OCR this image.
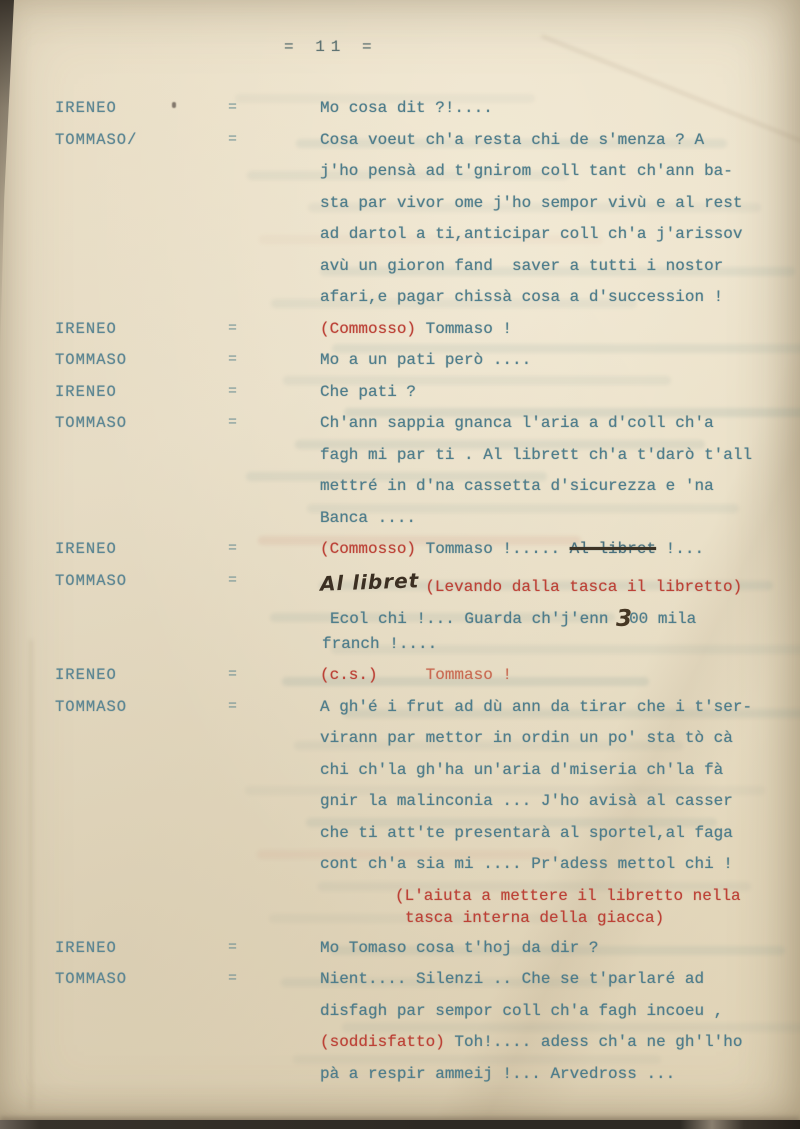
= 11 =
IRENEO	=	Mo cosa dit ?!....
TOMMASO/	=	Cosa voeut ch'a resta chi de s'menza ? A
j'ho pensà ad t'gnirom coll tant ch'ann ba-
sta par vivor ome j'ho sempor vivù e al rest
ad dartol a ti,anticipar coll ch'a j'arissov
avù un gioron fand  saver a tutti i nostor
afari,e pagar chissà cosa a d'succession !
IRENEO	=	(Commosso) Tommaso !
TOMMASO	=	Mo a un pati però ....
IRENEO	=	Che pati ?
TOMMASO	=	Ch'ann sappia gnanca l'aria a d'coll ch'a
fagh mi par ti . Al librett ch'a t'darò t'all
mettré in d'na cassetta d'sicurezza e 'na
Banca ....
IRENEO	=	(Commosso) Tommaso !..... Al libret !...
TOMMASO	=	Al libret (Levando dalla tasca il libretto)
Ecol chi !... Guarda ch'j'enn 300 mila
franch !....
IRENEO	=	(c.s.)     Tommaso !
TOMMASO	=	A gh'é i frut ad dù ann da tirar che i t'ser-
virann par mettor in ordin un po' sta tò cà
chi ch'la gh'ha un'aria d'miseria ch'la fà
gnir la malinconia ... J'ho avisà al casser
che ti att'te presentarà al sportel,al faga
cont ch'a sia mi .... Pr'adess mettol chi !
(L'aiuta a mettere il libretto nella
tasca interna della giacca)
IRENEO	=	Mo Tomaso cosa t'hoj da dir ?
TOMMASO	=	Nient.... Silenzi .. Che se t'parlaré ad
disfagh par sempor coll ch'a fagh incoeu ,
(soddisfatto) Toh!.... adess ch'a ne gh'l'ho
pà a respir ammeij !... Arvedross ...
